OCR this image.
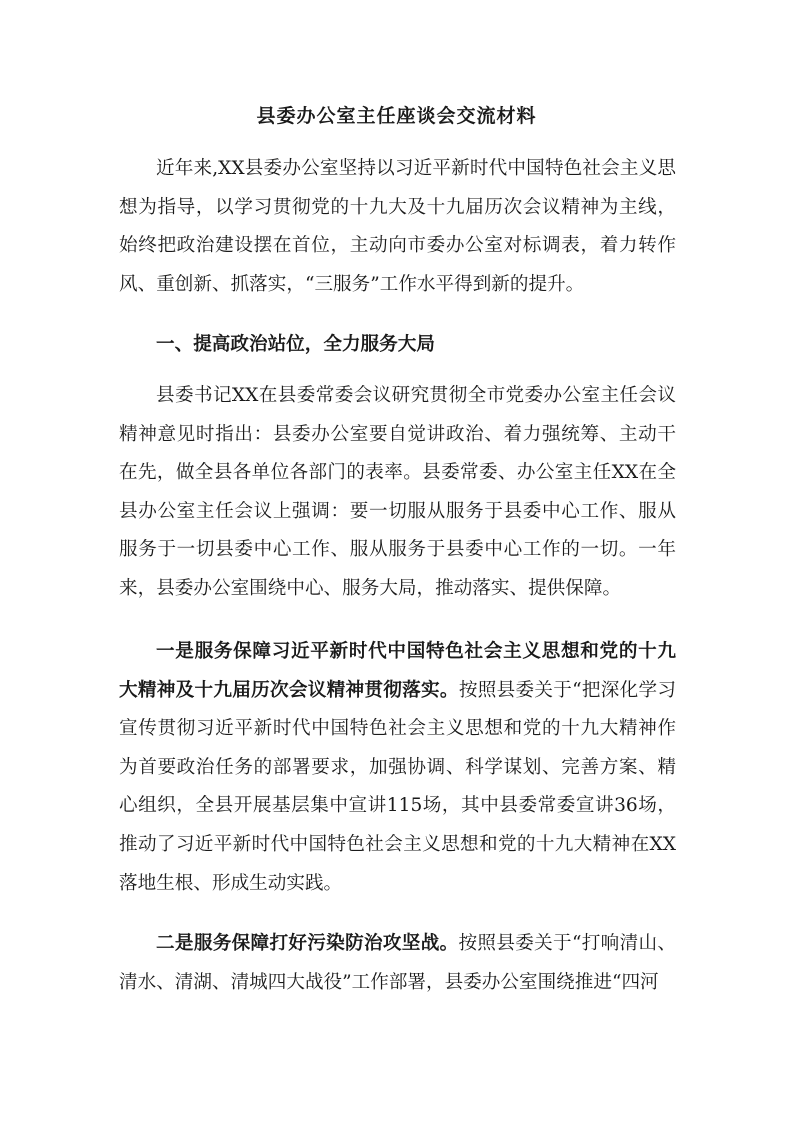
县委办公室主任座谈会交流材料

近年来,XX县委办公室坚持以习近平新时代中国特色社会主义思想为指导，以学习贯彻党的十九大及十九届历次会议精神为主线，始终把政治建设摆在首位，主动向市委办公室对标调表，着力转作风、重创新、抓落实，“三服务”工作水平得到新的提升。

一、提高政治站位，全力服务大局

县委书记XX在县委常委会议研究贯彻全市党委办公室主任会议精神意见时指出：县委办公室要自觉讲政治、着力强统筹、主动干在先，做全县各单位各部门的表率。县委常委、办公室主任XX在全县办公室主任会议上强调：要一切服从服务于县委中心工作、服从服务于一切县委中心工作、服从服务于县委中心工作的一切。一年来，县委办公室围绕中心、服务大局，推动落实、提供保障。

一是服务保障习近平新时代中国特色社会主义思想和党的十九大精神及十九届历次会议精神贯彻落实。按照县委关于“把深化学习宣传贯彻习近平新时代中国特色社会主义思想和党的十九大精神作为首要政治任务的部署要求，加强协调、科学谋划、完善方案、精心组织，全县开展基层集中宣讲115场，其中县委常委宣讲36场，推动了习近平新时代中国特色社会主义思想和党的十九大精神在XX落地生根、形成生动实践。

二是服务保障打好污染防治攻坚战。按照县委关于“打响清山、清水、清湖、清城四大战役”工作部署，县委办公室围绕推进“四河
